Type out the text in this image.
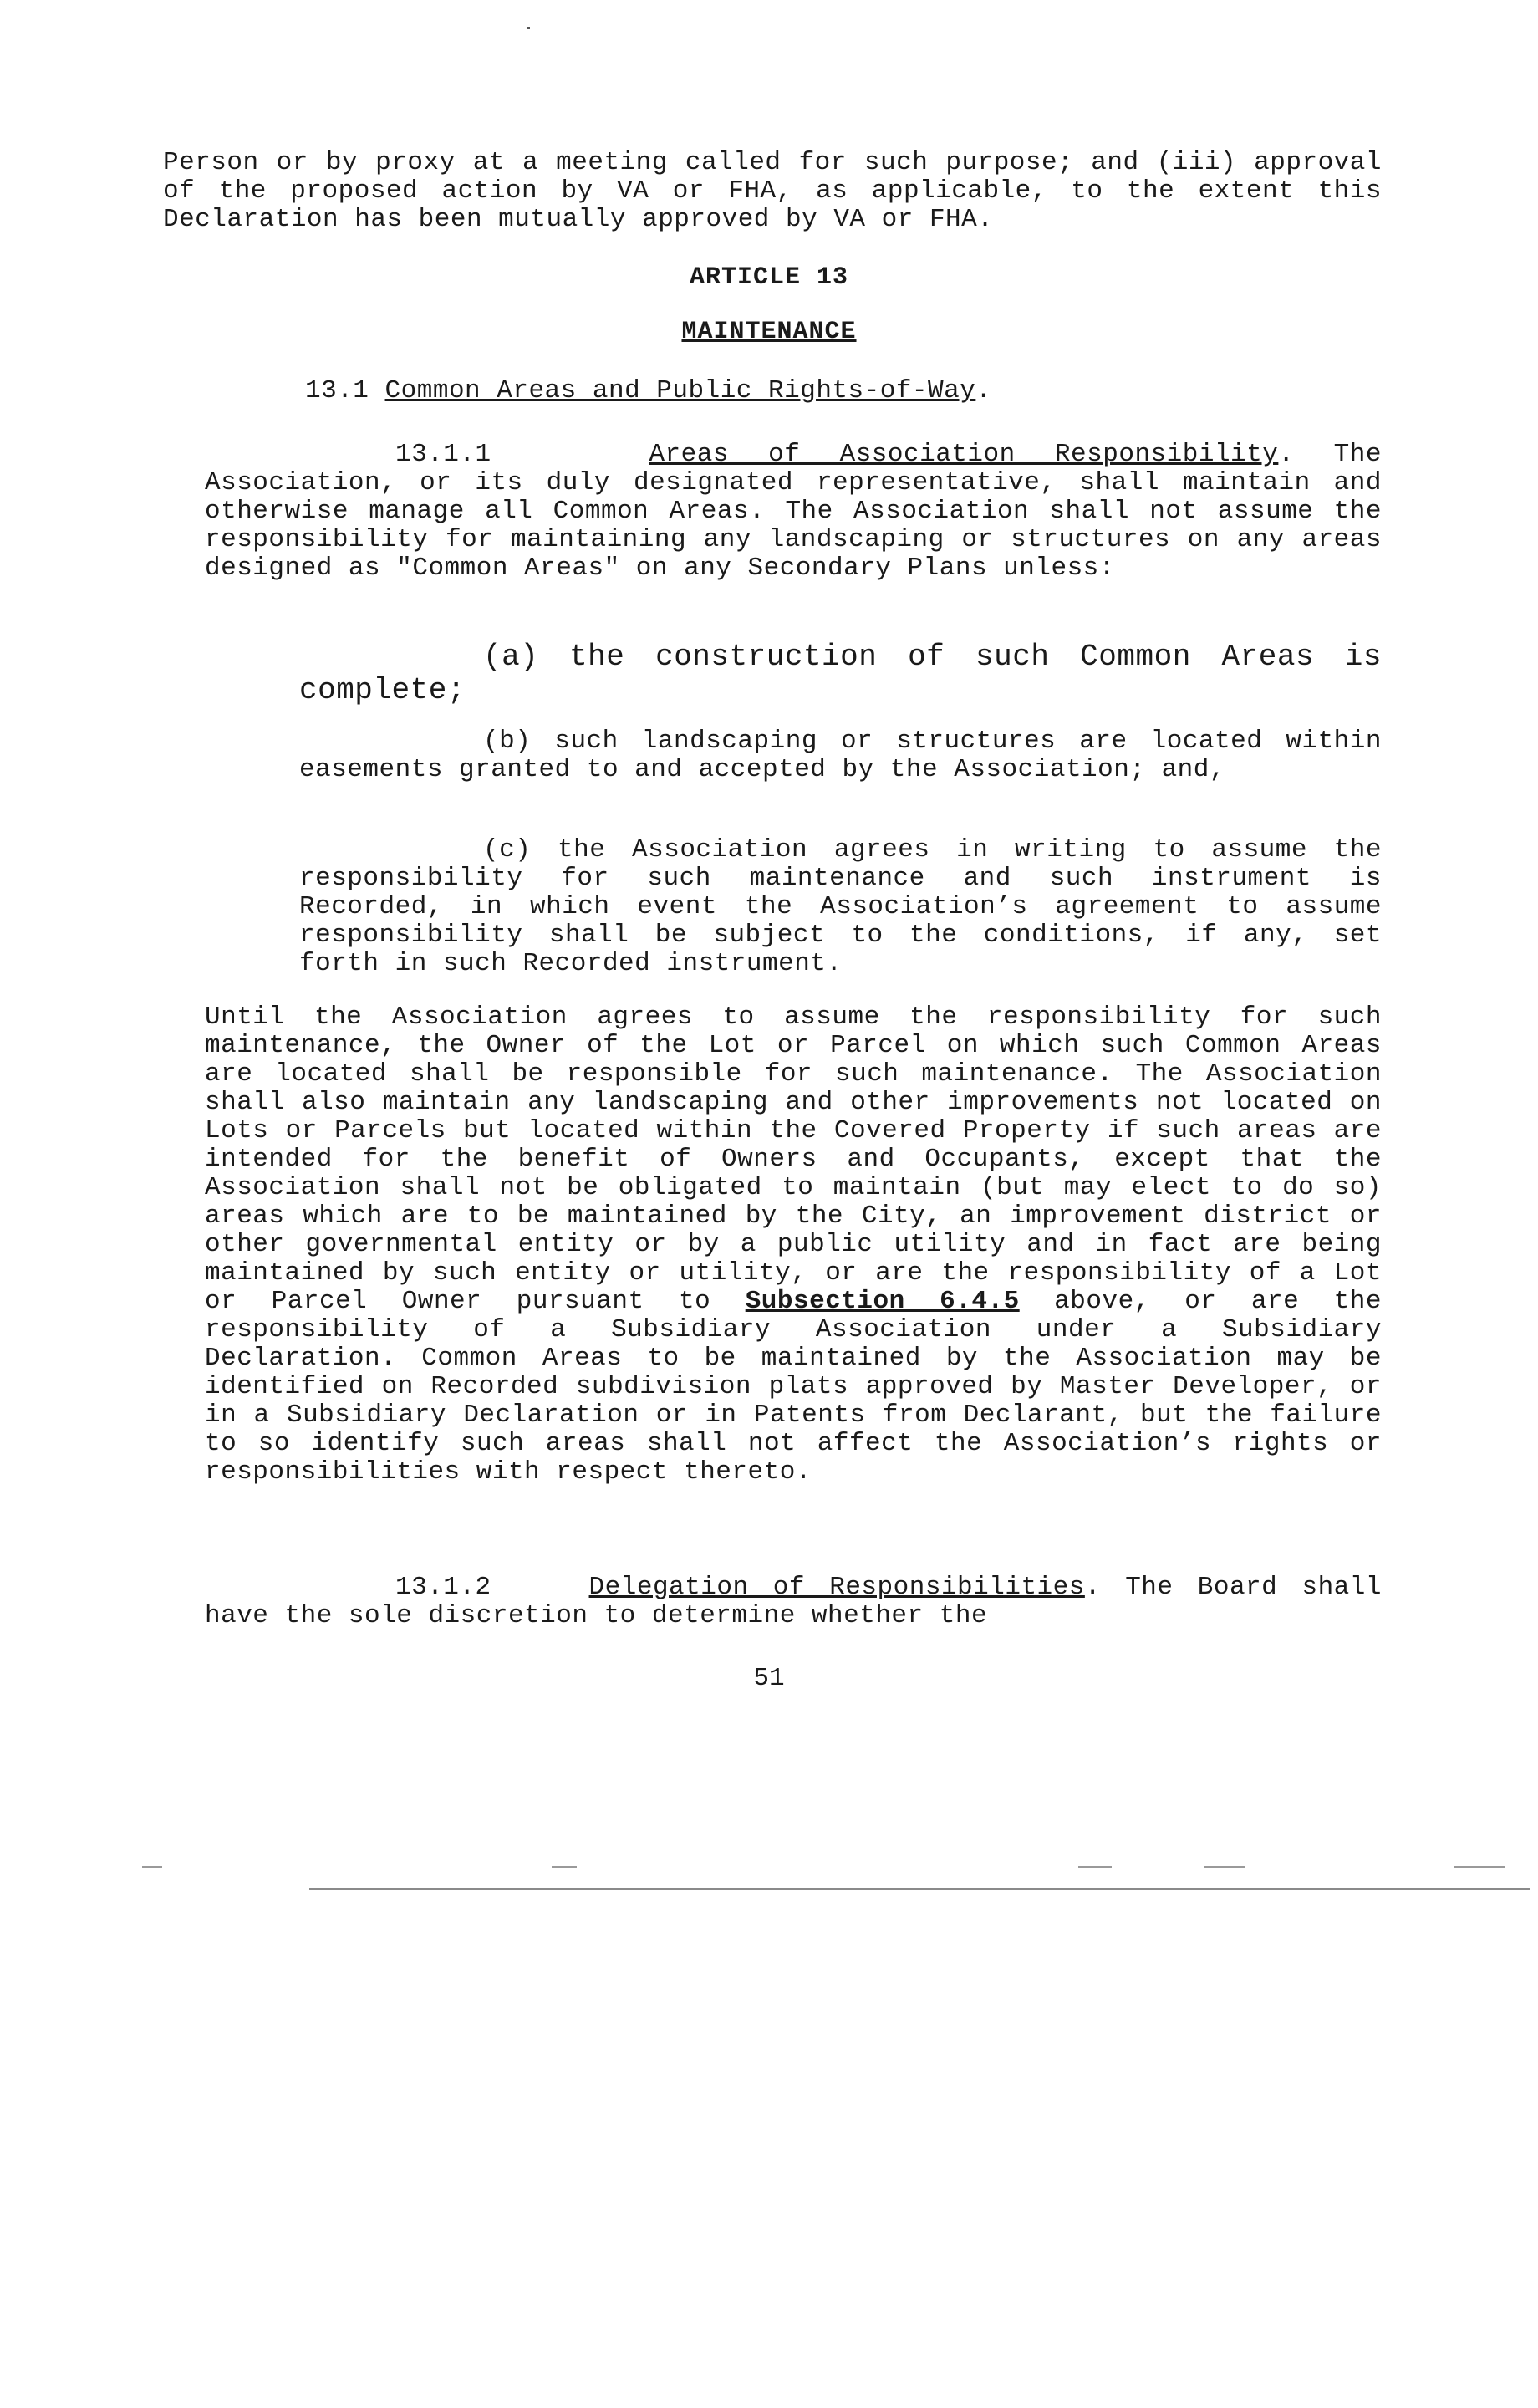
Person or by proxy at a meeting called for such purpose; and (iii) approval of the proposed action by VA or FHA, as applicable, to the extent this Declaration has been mutually approved by VA or FHA.
ARTICLE 13
MAINTENANCE
13.1 Common Areas and Public Rights-of-Way.
13.1.1	Areas of Association Responsibility. The Association, or its duly designated representative, shall maintain and otherwise manage all Common Areas. The Association shall not assume the responsibility for maintaining any landscaping or structures on any areas designed as "Common Areas" on any Secondary Plans unless:
(a) the construction of such Common Areas is complete;
(b) such landscaping or structures are located within easements granted to and accepted by the Association; and,
(c) the Association agrees in writing to assume the responsibility for such maintenance and such instrument is Recorded, in which event the Association’s agreement to assume responsibility shall be subject to the conditions, if any, set forth in such Recorded instrument.
Until the Association agrees to assume the responsibility for such maintenance, the Owner of the Lot or Parcel on which such Common Areas are located shall be responsible for such maintenance. The Association shall also maintain any landscaping and other improvements not located on Lots or Parcels but located within the Covered Property if such areas are intended for the benefit of Owners and Occupants, except that the Association shall not be obligated to maintain (but may elect to do so) areas which are to be maintained by the City, an improvement district or other governmental entity or by a public utility and in fact are being maintained by such entity or utility, or are the responsibility of a Lot or Parcel Owner pursuant to Subsection 6.4.5 above, or are the responsibility of a Subsidiary Association under a Subsidiary Declaration. Common Areas to be maintained by the Association may be identified on Recorded subdivision plats approved by Master Developer, or in a Subsidiary Declaration or in Patents from Declarant, but the failure to so identify such areas shall not affect the Association’s rights or responsibilities with respect thereto.
13.1.2	Delegation of Responsibilities. The Board shall have the sole discretion to determine whether the
51
